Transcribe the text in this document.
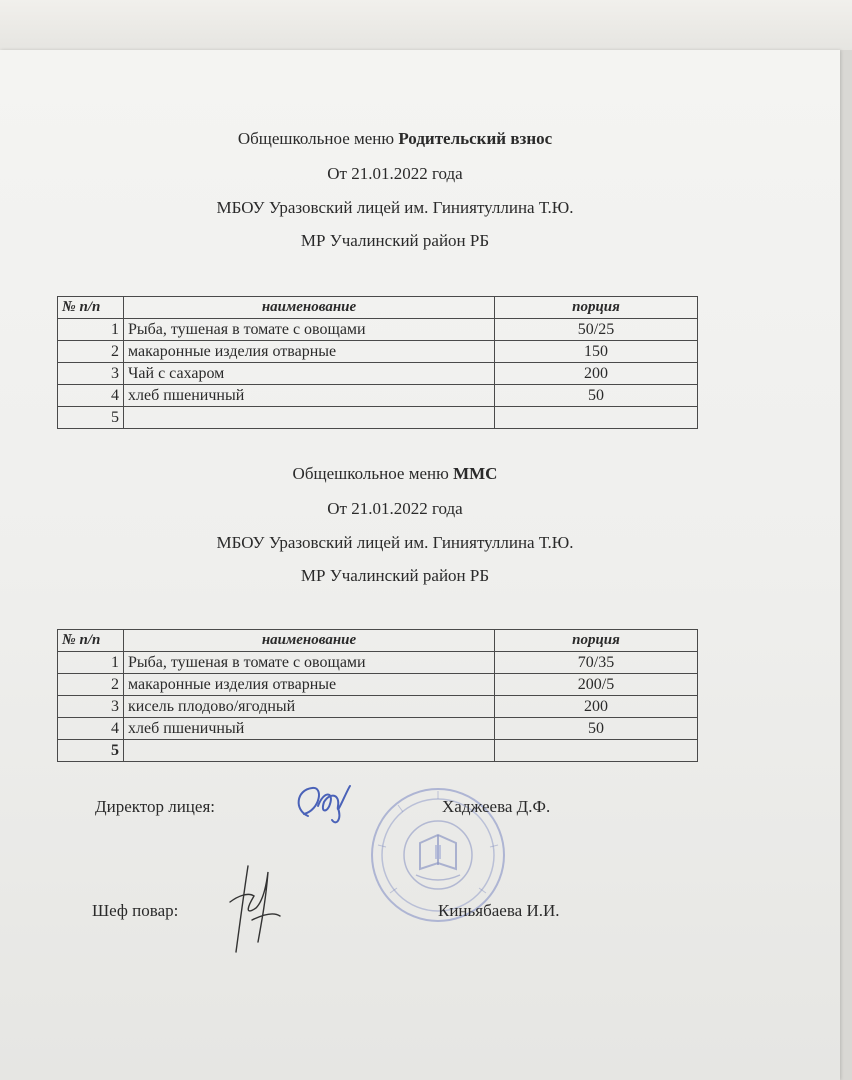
Общешкольное меню Родительский взнос
От 21.01.2022 года
МБОУ Уразовский лицей им. Гиниятуллина Т.Ю.
МР Учалинский район РБ
№ п/п	наименование	порция
1	Рыба, тушеная в томате с овощами	50/25
2	макаронные изделия отварные	150
3	Чай с сахаром	200
4	хлеб пшеничный	50
5		
Общешкольное меню ММС
От 21.01.2022 года
МБОУ Уразовский лицей им. Гиниятуллина Т.Ю.
МР Учалинский район РБ
№ п/п	наименование	порция
1	Рыба, тушеная в томате с овощами	70/35
2	макаронные изделия отварные	200/5
3	кисель плодово/ягодный	200
4	хлеб пшеничный	50
5		
Директор лицея:	Хаджеева Д.Ф.
Шеф повар:	Киньябаева И.И.
